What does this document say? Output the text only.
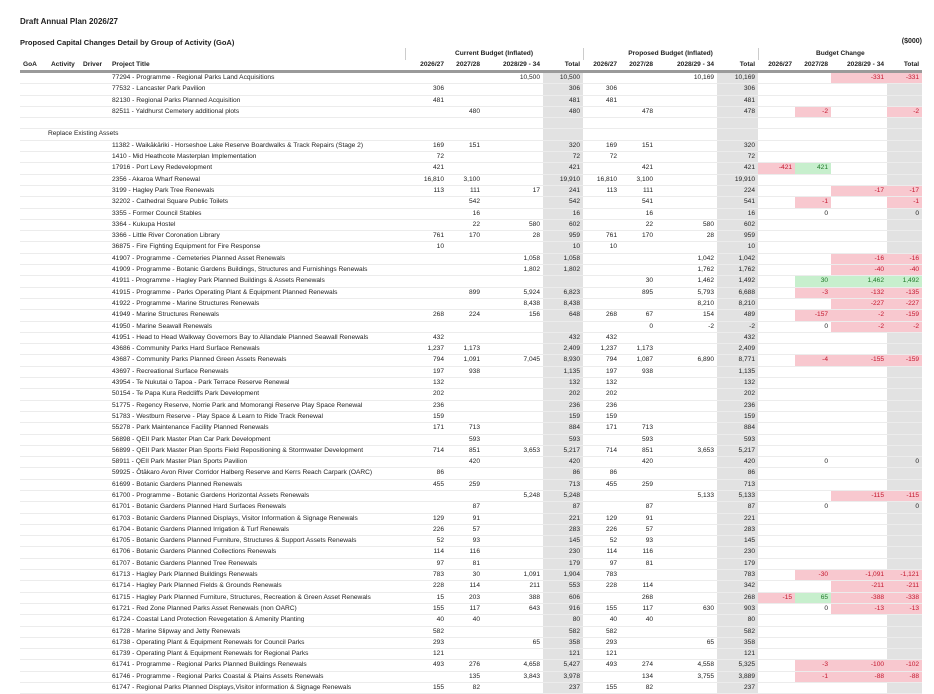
Draft Annual Plan 2026/27
Proposed Capital Changes Detail by Group of Activity (GoA)	($000)
				Current Budget (Inflated)				Proposed Budget (Inflated)				Budget Change			
GoA	Activity	Driver	Project Title	2026/27	2027/28	2028/29 - 34	Total	2026/27	2027/28	2028/29 - 34	Total	2026/27	2027/28	2028/29 - 34	Total
			77294 - Programme - Regional Parks Land Acquisitions			10,500	10,500			10,169	10,169			-331	-331
			77532 - Lancaster Park Pavilion	306			306	306			306				
			82130 - Regional Parks Planned Acquisition	481			481	481			481				
			82511 - Yaldhurst Cemetery additional plots		480		480		478		478		-2		-2

	Replace Existing Assets														
			11382 - Waikākāriki - Horseshoe Lake Reserve Boardwalks & Track Repairs (Stage 2)	169	151		320	169	151		320				
			1410 - Mid Heathcote Masterplan Implementation	72			72	72			72				
			17916 - Port Levy Redevelopment	421			421		421		421	-421	421		
			2356 - Akaroa Wharf Renewal	16,810	3,100		19,910	16,810	3,100		19,910				
			3199 - Hagley Park Tree Renewals	113	111	17	241	113	111		224			-17	-17
			32202 - Cathedral Square Public Toilets		542		542		541		541		-1		-1
			3355 - Former Council Stables		16		16		16		16		0		0
			3364 - Kukupa Hostel		22	580	602		22	580	602				
			3366 - Little River Coronation Library	761	170	28	959	761	170	28	959				
			36875 - Fire Fighting Equipment for Fire Response	10			10	10			10				
			41907 - Programme - Cemeteries Planned Asset Renewals			1,058	1,058			1,042	1,042			-16	-16
			41909 - Programme - Botanic Gardens Buildings, Structures and Furnishings Renewals			1,802	1,802			1,762	1,762			-40	-40
			41911 - Programme - Hagley Park Planned Buildings & Assets Renewals						30	1,462	1,492		30	1,462	1,492
			41915 - Programme - Parks Operating Plant & Equipment Planned Renewals		899	5,924	6,823		895	5,793	6,688		-3	-132	-135
			41922 - Programme - Marine Structures Renewals			8,438	8,438			8,210	8,210			-227	-227
			41949 - Marine Structures Renewals	268	224	156	648	268	67	154	489		-157	-2	-159
			41950 - Marine Seawall Renewals						0	-2	-2		0	-2	-2
			41951 - Head to Head Walkway Governors Bay to Allandale Planned Seawall Renewals	432			432	432			432				
			43686 - Community Parks Hard Surface Renewals	1,237	1,173		2,409	1,237	1,173		2,409				
			43687 - Community Parks Planned Green Assets Renewals	794	1,091	7,045	8,930	794	1,087	6,890	8,771		-4	-155	-159
			43697 - Recreational Surface Renewals	197	938		1,135	197	938		1,135				
			43954 - Te Nukutai o Tapoa - Park Terrace Reserve Renewal	132			132	132			132				
			50154 - Te Papa Kura Redcliffs Park Development	202			202	202			202				
			51775 - Regency Reserve, Norrie Park and Momorangi Reserve Play Space Renewal	236			236	236			236				
			51783 - Westburn Reserve - Play Space & Learn to Ride Track Renewal	159			159	159			159				
			55278 - Park Maintenance Facility Planned Renewals	171	713		884	171	713		884				
			56898 - QEII Park Master Plan Car Park Development		593		593		593		593				
			56899 - QEII Park Master Plan Sports Field Repositioning & Stormwater Development	714	851	3,653	5,217	714	851	3,653	5,217				
			58911 - QEII Park Master Plan Sports Pavilion		420		420		420		420		0		0
			59925 - Ōtākaro Avon River Corridor Halberg Reserve and Kerrs Reach Carpark (OARC)	86			86	86			86				
			61699 - Botanic Gardens Planned Renewals	455	259		713	455	259		713				
			61700 - Programme - Botanic Gardens Horizontal Assets Renewals			5,248	5,248			5,133	5,133			-115	-115
			61701 - Botanic Gardens Planned Hard Surfaces Renewals		87		87		87		87		0		0
			61703 - Botanic Gardens Planned Displays, Visitor Information & Signage Renewals	129	91		221	129	91		221				
			61704 - Botanic Gardens Planned Irrigation & Turf Renewals	226	57		283	226	57		283				
			61705 - Botanic Gardens Planned Furniture, Structures & Support Assets Renewals	52	93		145	52	93		145				
			61706 - Botanic Gardens Planned Collections Renewals	114	116		230	114	116		230				
			61707 - Botanic Gardens Planned Tree Renewals	97	81		179	97	81		179				
			61713 - Hagley Park Planned Buildings Renewals	783	30	1,091	1,904	783			783		-30	-1,091	-1,121
			61714 - Hagley Park Planned Fields & Grounds Renewals	228	114	211	553	228	114		342			-211	-211
			61715 - Hagley Park Planned Furniture, Structures, Recreation & Green Asset Renewals	15	203	388	606		268		268	-15	65	-388	-338
			61721 - Red Zone Planned Parks Asset Renewals (non OARC)	155	117	643	916	155	117	630	903		0	-13	-13
			61724 - Coastal Land Protection Revegetation & Amenity Planting	40	40		80	40	40		80				
			61728 - Marine Slipway and Jetty Renewals	582			582	582			582				
			61738 - Operating Plant & Equipment Renewals for Council Parks	293		65	358	293		65	358				
			61739 - Operating Plant & Equipment Renewals for Regional Parks	121			121	121			121				
			61741 - Programme - Regional Parks Planned Buildings Renewals	493	276	4,658	5,427	493	274	4,558	5,325		-3	-100	-102
			61746 - Programme - Regional Parks Coastal & Plains Assets Renewals		135	3,843	3,978		134	3,755	3,889		-1	-88	-88
			61747 - Regional Parks Planned Displays,Visitor information & Signage Renewals	155	82		237	155	82		237				
